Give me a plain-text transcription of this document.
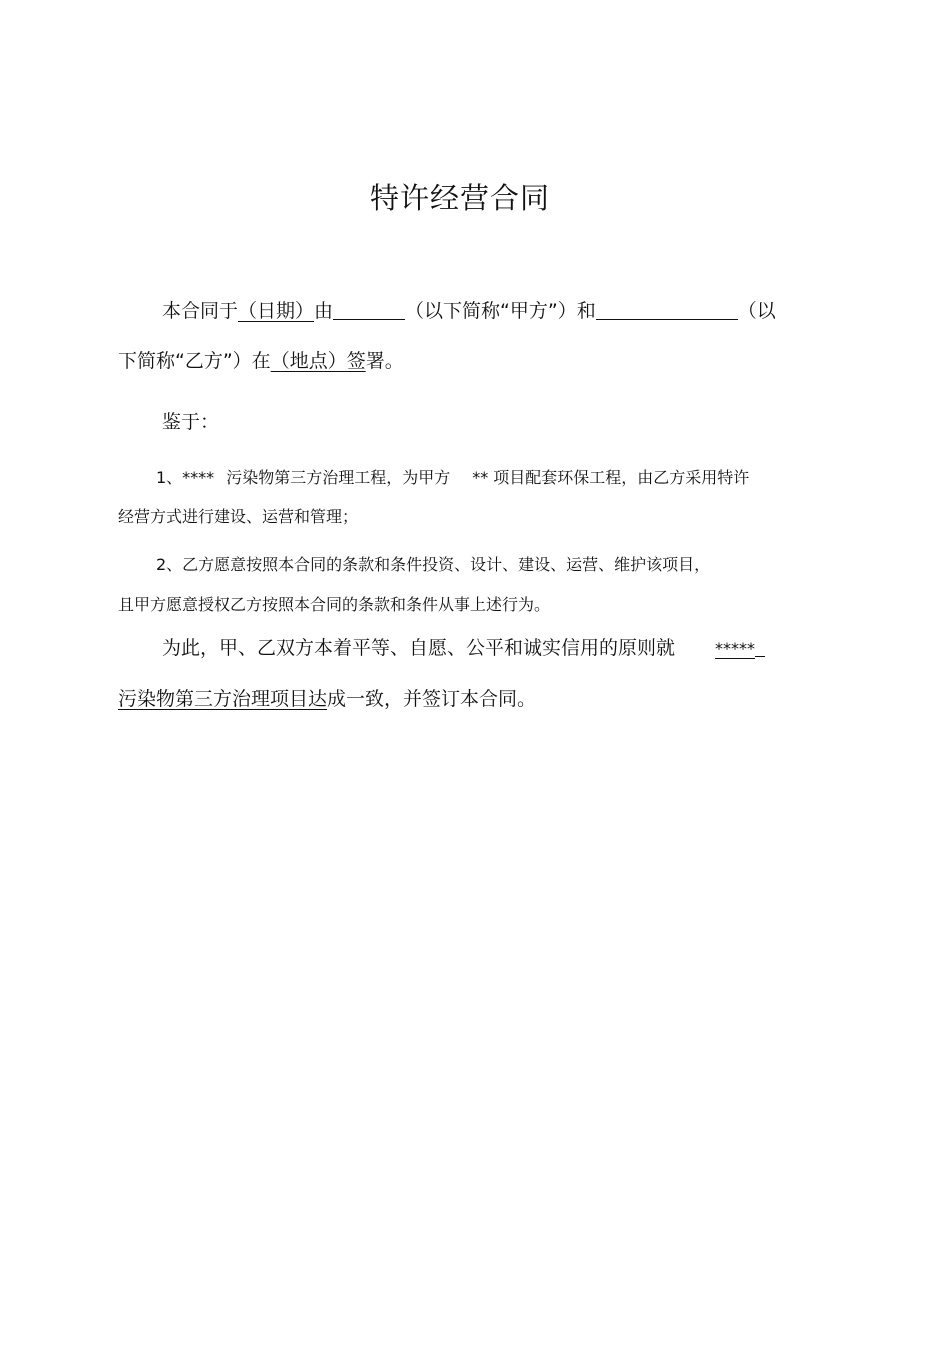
特许经营合同
本合同于（日期）由	（以下简称“甲方”）和	（以
下简称“乙方”）在（地点）签署。
鉴于：
1、**** 污染物第三方治理工程，为甲方 ** 项目配套环保工程，由乙方采用特许
经营方式进行建设、运营和管理；
2、乙方愿意按照本合同的条款和条件投资、设计、建设、运营、维护该项目，
且甲方愿意授权乙方按照本合同的条款和条件从事上述行为。
为此，甲、乙双方本着平等、自愿、公平和诚实信用的原则就	*****
污染物第三方治理项目达成一致，并签订本合同。
